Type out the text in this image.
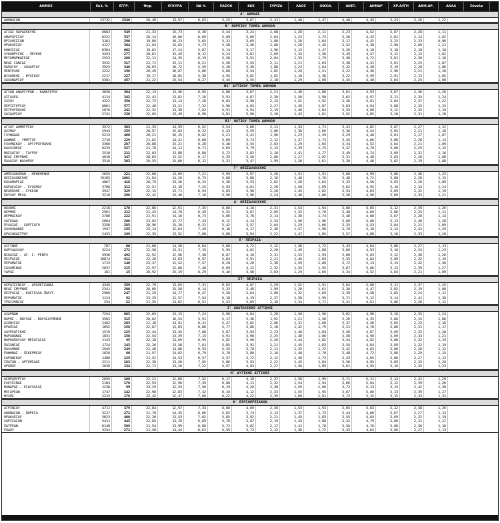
ΔΗΜΟΣ	Εκλ. %	ΕΓΓΡ.	Ψηφ.	ΕΓΚΥΡΑ	ΝΔ %	ΠΑΣΟΚ	ΚΚΕ	ΣΥΡΙΖΑ	ΛΑΟΣ	ΟΙΚΟΛ.	ΑΝΕΞ.	ΔΗΜΑΡ	ΧΡ.ΑΥΓΗ	ΔΗΜ.ΑΡ.	ΑΛΛΑ	Σύνολο
Α' ΑΘΗΝΑΣ
ΑΘΗΝΑΙΩΝ	23732	1546	20,48	13,97	6,63	5,25	3,87	2,11	1,40	1,47	4,40	4,45	3,24	2,26	1,22
Β' ΒΟΡΕΙΟΥ ΤΟΜΕΑ ΑΘΗΝΩΝ
ΑΓΙΑΣ ΠΑΡΑΣΚΕΥΗΣ	6603	549	21,33	15,73	6,36	5,44	3,24	2,08	1,28	2,11	3,23	4,52	3,07	2,28	1,11
ΑΜΑΡΟΥΣΙΟΥ	6322	537	20,14	16,06	6,09	5,09	3,66	2,64	1,23	1,75	3,26	4,43	2,81	2,14	1,02
ΒΡΙΛΗΣΣΙΩΝ	3161	290	19,80	16,23	5,65	5,31	3,69	1,86	1,26	1,64	3,17	4,42	3,25	2,33	0,96
ΗΡΑΚΛΕΙΟΥ	4127	364	21,04	15,65	5,73	5,58	3,56	2,00	1,28	1,45	3,52	4,38	2,90	2,09	1,21
ΚΗΦΙΣΙΑΣ	6364	662	19,62	17,24	5,87	5,14	3,17	1,96	1,13	1,47	3,26	4,10	3,18	2,18	1,10
ΛΥΚΟΒΡΥΣΗΣ - ΠΕΥΚΗΣ	3453	277	20,61	15,49	6,12	5,24	3,81	2,09	1,34	1,56	3,49	4,57	3,12	2,13	1,02
ΜΕΤΑΜΟΡΦΩΣΕΩΣ	2553	208	22,11	14,35	6,19	5,58	3,91	2,04	1,35	1,79	3,36	4,72	3,01	2,30	1,16
ΝΕΑΣ ΙΩΝΙΑΣ	3532	317	21,71	15,11	6,21	5,50	3,55	2,11	1,21	1,63	3,38	4,41	3,01	2,25	1,07
ΠΑΠΑΓΟΥ - ΧΟΛΑΡΓΟΥ	3925	348	20,63	16,72	5,59	5,30	3,30	1,80	1,23	1,64	3,42	4,38	3,19	2,20	1,06
ΠΕΝΤΕΛΗΣ	2222	198	20,49	16,07	5,86	5,68	3,54	1,82	1,20	1,51	3,22	4,36	2,96	2,21	1,10
ΦΙΛΟΘΕΗΣ - ΨΥΧΙΚΟΥ	2217	227	19,17	18,85	5,38	4,95	3,02	1,82	1,10	1,36	3,22	3,99	2,91	2,13	1,05
ΧΑΛΑΝΔΡΙΟΥ	5301	457	21,22	15,54	6,27	5,45	3,55	2,18	1,29	1,68	3,45	4,48	3,04	2,25	1,08
Β2' ΔΥΤΙΚΟΥ ΤΟΜΕΑ ΑΘΗΝΩΝ
ΑΓΙΩΝ ΑΝΑΡΓΥΡΩΝ - ΚΑΜΑΤΕΡΟΥ	3630	304	22,13	13,56	6,95	5,86	3,87	2,21	1,48	1,86	3,61	4,93	3,07	2,36	1,20
ΑΙΓΑΛΕΩ	4114	342	22,41	13,02	7,16	5,91	4,07	2,30	1,50	1,90	3,62	4,97	3,11	2,35	1,24
ΙΛΙΟΥ	4322	356	22,73	13,14	7,28	6,03	3,98	2,25	1,52	1,92	3,58	5,01	3,04	2,37	1,22
ΠΕΡΙΣΤΕΡΙΟΥ	6861	577	22,46	13,21	7,32	5,96	4,05	2,27	1,49	1,87	3,63	4,94	3,08	2,33	1,25
ΠΕΤΡΟΥΠΟΛΗΣ	2876	241	22,32	13,38	7,02	5,91	3,94	2,19	1,46	1,84	3,55	4,88	3,12	2,35	1,19
ΧΑΙΔΑΡΙΟΥ	2741	230	22,05	13,49	6,98	5,81	3,90	2,16	1,43	1,81	3,52	4,85	3,10	2,31	1,18
Β3' ΝΟΤΙΟΥ ΤΟΜΕΑ ΑΘΗΝΩΝ
ΑΓΙΟΥ ΔΗΜΗΤΡΙΟΥ	3572	303	21,35	14,59	6,52	5,54	3,66	2,11	1,34	1,71	3,41	4,62	3,07	2,27	1,12
ΑΛΙΜΟΥ	2943	255	20,97	15,03	6,32	5,43	3,59	2,06	1,30	1,66	3,36	4,54	3,05	2,21	1,10
ΓΛΥΦΑΔΑΣ	5213	466	20,21	16,15	6,02	5,21	3,41	1,96	1,23	1,59	3,29	4,40	3,01	2,17	1,07
ΔΑΦΝΗΣ - ΥΜΗΤΤΟΥ	2710	229	21,62	14,41	6,60	5,60	3,74	2,12	1,37	1,73	3,45	4,66	3,08	2,28	1,14
ΕΛΛΗΝΙΚΟΥ - ΑΡΓΥΡΟΥΠΟΛΗΣ	3366	287	20,88	15,21	6,28	5,40	3,55	2,03	1,29	1,65	3,34	4,52	3,04	2,21	1,09
ΚΑΛΛΙΘΕΑΣ	6233	527	21,78	14,11	6,71	5,65	3,79	2,15	1,39	1,75	3,47	4,70	3,08	2,29	1,15
ΜΟΣΧΑΤΟΥ - ΤΑΥΡΟΥ	2510	211	22,03	13,88	6,80	5,72	3,82	2,18	1,41	1,77	3,49	4,74	3,09	2,31	1,16
ΝΕΑΣ ΣΜΥΡΝΗΣ	4018	347	20,65	15,52	6,17	5,35	3,50	2,00	1,27	1,62	3,31	4,48	3,03	2,20	1,08
ΠΑΛΑΙΟΥ ΦΑΛΗΡΟΥ	3510	303	20,55	15,66	6,12	5,31	3,47	1,99	1,26	1,61	3,30	4,46	3,02	2,19	1,08
Γ' ΘΕΣΣΑΛΟΝΙΚΗΣ
ΑΜΠΕΛΟΚΗΠΩΝ - ΜΕΝΕΜΕΝΗΣ	2655	221	22,66	13,09	7,21	5,99	3,97	2,26	1,51	1,91	3,60	4,99	3,06	2,36	1,23
ΘΕΣΣΑΛΟΝΙΚΗΣ	19185	1601	21,84	14,26	6,75	5,68	3,80	2,16	1,40	1,76	3,48	4,72	3,08	2,30	1,15
ΚΑΛΑΜΑΡΙΑΣ	4867	418	20,79	15,36	6,25	5,38	3,53	2,02	1,28	1,64	3,33	4,50	3,03	2,20	1,09
ΚΟΡΔΕΛΙΟΥ - ΕΥΟΣΜΟΥ	3788	312	22,51	13,18	7,25	5,93	4,01	2,28	1,50	1,89	3,62	4,95	3,10	2,34	1,24
ΝΕΑΠΟΛΗΣ - ΣΥΚΕΩΝ	3947	329	22,15	13,71	6,94	5,83	3,90	2,20	1,45	1,82	3,54	4,83	3,09	2,32	1,19
ΠΑΥΛΟΥ ΜΕΛΑ	3218	268	22,42	13,40	7,10	5,90	3,96	2,24	1,48	1,86	3,58	4,90	3,09	2,33	1,21
Δ' ΘΕΣΣΑΛΟΝΙΚΗΣ
ΒΟΛΒΗΣ	2218	176	22,86	12,91	7,35	6,08	4,10	2,31	1,54	1,94	3,66	5,05	3,12	2,39	1,26
ΘΕΡΜΗΣ	2561	212	21,43	14,70	6,49	5,52	3,67	2,09	1,33	1,70	3,40	4,60	3,06	2,25	1,11
ΘΕΡΜΑΙΚΟΥ	2706	222	21,91	14,16	6,73	5,66	3,78	2,14	1,38	1,74	3,46	4,68	3,07	2,28	1,14
ΛΑΓΚΑΔΑ	2604	208	23,02	12,77	7,43	6,12	4,14	2,34	1,56	1,96	3,68	5,08	3,13	2,40	1,28
ΠΥΛΑΙΑΣ - ΧΟΡΤΙΑΤΗ	3358	285	20,96	15,10	6,31	5,42	3,57	2,04	1,29	1,66	3,35	4,53	3,04	2,21	1,09
ΧΑΛΚΗΔΟΝΟΣ	1947	155	23,14	12,64	7,49	6,16	4,17	2,36	1,57	1,98	3,70	5,10	3,14	2,41	1,29
ΩΡΑΙΟΚΑΣΤΡΟΥ	2433	199	22,35	13,52	7,08	5,88	3,94	2,22	1,47	1,85	3,57	4,88	3,10	2,33	1,20
Ε' ΠΕΙΡΑΙΑ
ΑΙΓΙΝΗΣ	787	66	21,66	14,30	6,64	5,60	3,72	2,12	1,36	1,72	3,43	4,64	3,06	2,27	1,13
ΚΟΡΥΔΑΛΛΟΥ	3224	271	22,58	13,31	7,19	5,95	4,02	2,26	1,49	1,88	3,60	4,93	3,10	2,34	1,23
ΝΙΚΑΙΑΣ - ΑΓ. Ι. ΡΕΝΤΗ	5936	492	22,92	12,96	7,38	6,07	4,10	2,31	1,53	1,93	3,66	5,03	3,12	2,38	1,26
ΠΕΙΡΑΙΩΣ	10874	911	22,20	13,63	6,97	5,84	3,91	2,21	1,46	1,83	3,55	4,84	3,09	2,32	1,19
ΠΕΡΑΜΑΤΟΣ	1713	140	23,37	12,52	7,57	6,20	4,20	2,38	1,59	2,00	3,72	5,13	3,15	2,42	1,30
ΣΑΛΑΜΙΝΑΣ	2637	215	22,97	12,88	7,40	6,09	4,12	2,32	1,55	1,95	3,67	5,06	3,13	2,39	1,27
ΥΔΡΑΣ	181	15	20,92	15,19	6,29	5,40	3,56	2,03	1,29	1,65	3,34	4,52	3,04	2,21	1,09
ΣΤ' ΠΕΙΡΑΙΑ
ΚΕΡΑΤΣΙΝΙΟΥ - ΔΡΑΠΕΤΣΩΝΑΣ	4349	359	22,79	13,05	7,31	6,03	4,07	2,29	1,52	1,91	3,64	5,00	3,11	2,37	1,25
ΝΕΑΣ ΣΜΥΡΝΗΣ	2341	200	20,60	15,58	6,14	5,33	3,48	1,99	1,26	1,61	3,30	4,47	3,02	2,19	1,08
ΠΕΙΡΑΙΩΣ - ΚΑΣΤΕΛΛΑ ΠΟΛΥΤ.	2908	247	21,29	14,77	6,47	5,50	3,64	2,08	1,32	1,69	3,39	4,58	3,05	2,24	1,11
ΠΕΡΑΜΑΤΟΣ	1114	92	23,29	12,57	7,54	6,18	4,19	2,37	1,58	1,99	3,71	5,12	3,14	2,41	1,30
ΤΡΟΙΖΗΝΙΑΣ	254	21	21,35	14,62	6,51	5,53	3,69	2,10	1,34	1,71	3,41	4,61	3,06	2,26	1,12
Ζ' ΑΝΑΤΟΛΙΚΗΣ ΑΤΤΙΚΗΣ
ΑΧΑΡΝΩΝ	7254	603	22,69	13,13	7,24	5,98	4,04	2,28	1,50	1,90	3,62	4,96	3,10	2,35	1,24
ΒΑΡΗΣ - ΒΟΥΛΑΣ - ΒΟΥΛΙΑΓΜΕΝΗΣ	3583	315	20,02	16,54	5,91	5,17	3,36	1,92	1,21	1,56	3,26	4,35	3,00	2,15	1,06
ΔΙΟΝΥΣΟΥ	2402	203	21,18	14,91	6,41	5,47	3,62	2,06	1,31	1,68	3,37	4,56	3,05	2,23	1,10
ΚΡΩΠΙΑΣ	1892	158	22,07	13,83	6,86	5,77	3,86	2,18	1,42	1,79	3,51	4,78	3,08	2,31	1,17
ΛΑΥΡΕΩΤΙΚΗΣ	1519	125	22,44	13,45	7,08	5,87	3,94	2,23	1,46	1,84	3,56	4,87	3,09	2,33	1,20
ΜΑΡΑΘΩΝΟΣ	1831	150	22,54	13,39	7,15	5,91	3,98	2,25	1,48	1,86	3,58	4,90	3,09	2,33	1,21
ΜΑΡΚΟΠΟΥΛΟΥ ΜΕΣΟΓΑΙΑΣ	1143	95	22,18	13,69	6,95	5,82	3,90	2,20	1,44	1,82	3,54	4,82	3,08	2,32	1,19
ΠΑΙΑΝΙΑΣ	1724	143	22,26	13,58	7,01	5,85	3,92	2,21	1,45	1,83	3,55	4,84	3,09	2,32	1,19
ΠΑΛΛΗΝΗΣ	2945	249	21,40	14,66	6,53	5,55	3,70	2,11	1,35	1,72	3,42	4,63	3,06	2,26	1,12
ΡΑΦΗΝΑΣ - ΠΙΚΕΡΜΙΟΥ	1028	86	21,97	14,02	6,79	5,70	3,80	2,16	1,40	1,76	3,48	4,72	3,08	2,29	1,15
ΣΑΡΩΝΙΚΟΥ	1480	125	21,52	14,53	6,57	5,57	3,72	2,12	1,36	1,73	3,43	4,65	3,06	2,27	1,13
ΣΠΑΤΩΝ - ΑΡΤΕΜΙΔΟΣ	2211	183	22,38	13,50	7,05	5,86	3,93	2,22	1,45	1,84	3,56	4,85	3,09	2,33	1,20
ΩΡΩΠΟΥ	1638	134	22,71	13,20	7,22	5,97	4,03	2,27	1,50	1,89	3,61	4,95	3,10	2,35	1,23
Η' ΔΥΤΙΚΗΣ ΑΤΤΙΚΗΣ
ΑΣΠΡΟΠΥΡΓΟΥ	2095	168	23,21	12,60	7,52	6,17	4,18	2,37	1,58	1,99	3,71	5,11	3,14	2,41	1,29
ΕΛΕΥΣΙΝΑΣ	2184	178	22,93	12,90	7,39	6,08	4,11	2,32	1,54	1,94	3,66	5,04	3,12	2,39	1,26
ΜΑΝΔΡΑΣ - ΕΙΔΥΛΛΙΑΣ	1236	99	23,29	12,55	7,56	6,19	4,20	2,38	1,59	2,00	3,72	5,13	3,15	2,42	1,30
ΜΕΓΑΡΕΩΝ	1747	142	22,98	12,83	7,42	6,10	4,12	2,33	1,55	1,95	3,67	5,06	3,13	2,39	1,27
ΦΥΛΗΣ	2215	178	23,42	12,47	7,60	6,22	4,22	2,39	1,60	2,01	3,73	5,15	3,15	2,43	1,31
Θ' ΠΕΡΙΦΕΡΕΙΑΚΩΝ
ΑΓΡΙΝΙΟΥ	4711	379	22,84	12,97	7,34	6,06	4,09	2,30	1,53	1,93	3,65	5,03	3,12	2,38	1,26
ΑΘΗΝΑΙΩΝ - ΒΟΡΕΙΑ	3217	271	21,70	14,35	6,66	5,62	3,74	2,13	1,37	1,73	3,44	4,66	3,07	2,27	1,13
ΗΡΑΚΛΕΙΟΥ	5623	460	22,26	13,53	7,02	5,85	3,92	2,21	1,45	1,83	3,55	4,84	3,09	2,32	1,19
ΛΑΡΙΣΑΙΩΝ	5411	445	22,05	13,78	6,89	5,78	3,87	2,19	1,43	1,80	3,52	4,79	3,08	2,31	1,17
ΠΑΤΡΕΩΝ	6148	509	21,94	13,99	6,80	5,72	3,82	2,17	1,41	1,78	3,50	4,76	3,08	2,30	1,16
ΡΟΔΟΥ	3254	271	21,58	14,44	6,61	5,59	3,73	2,12	1,36	1,72	3,43	4,64	3,06	2,27	1,13
